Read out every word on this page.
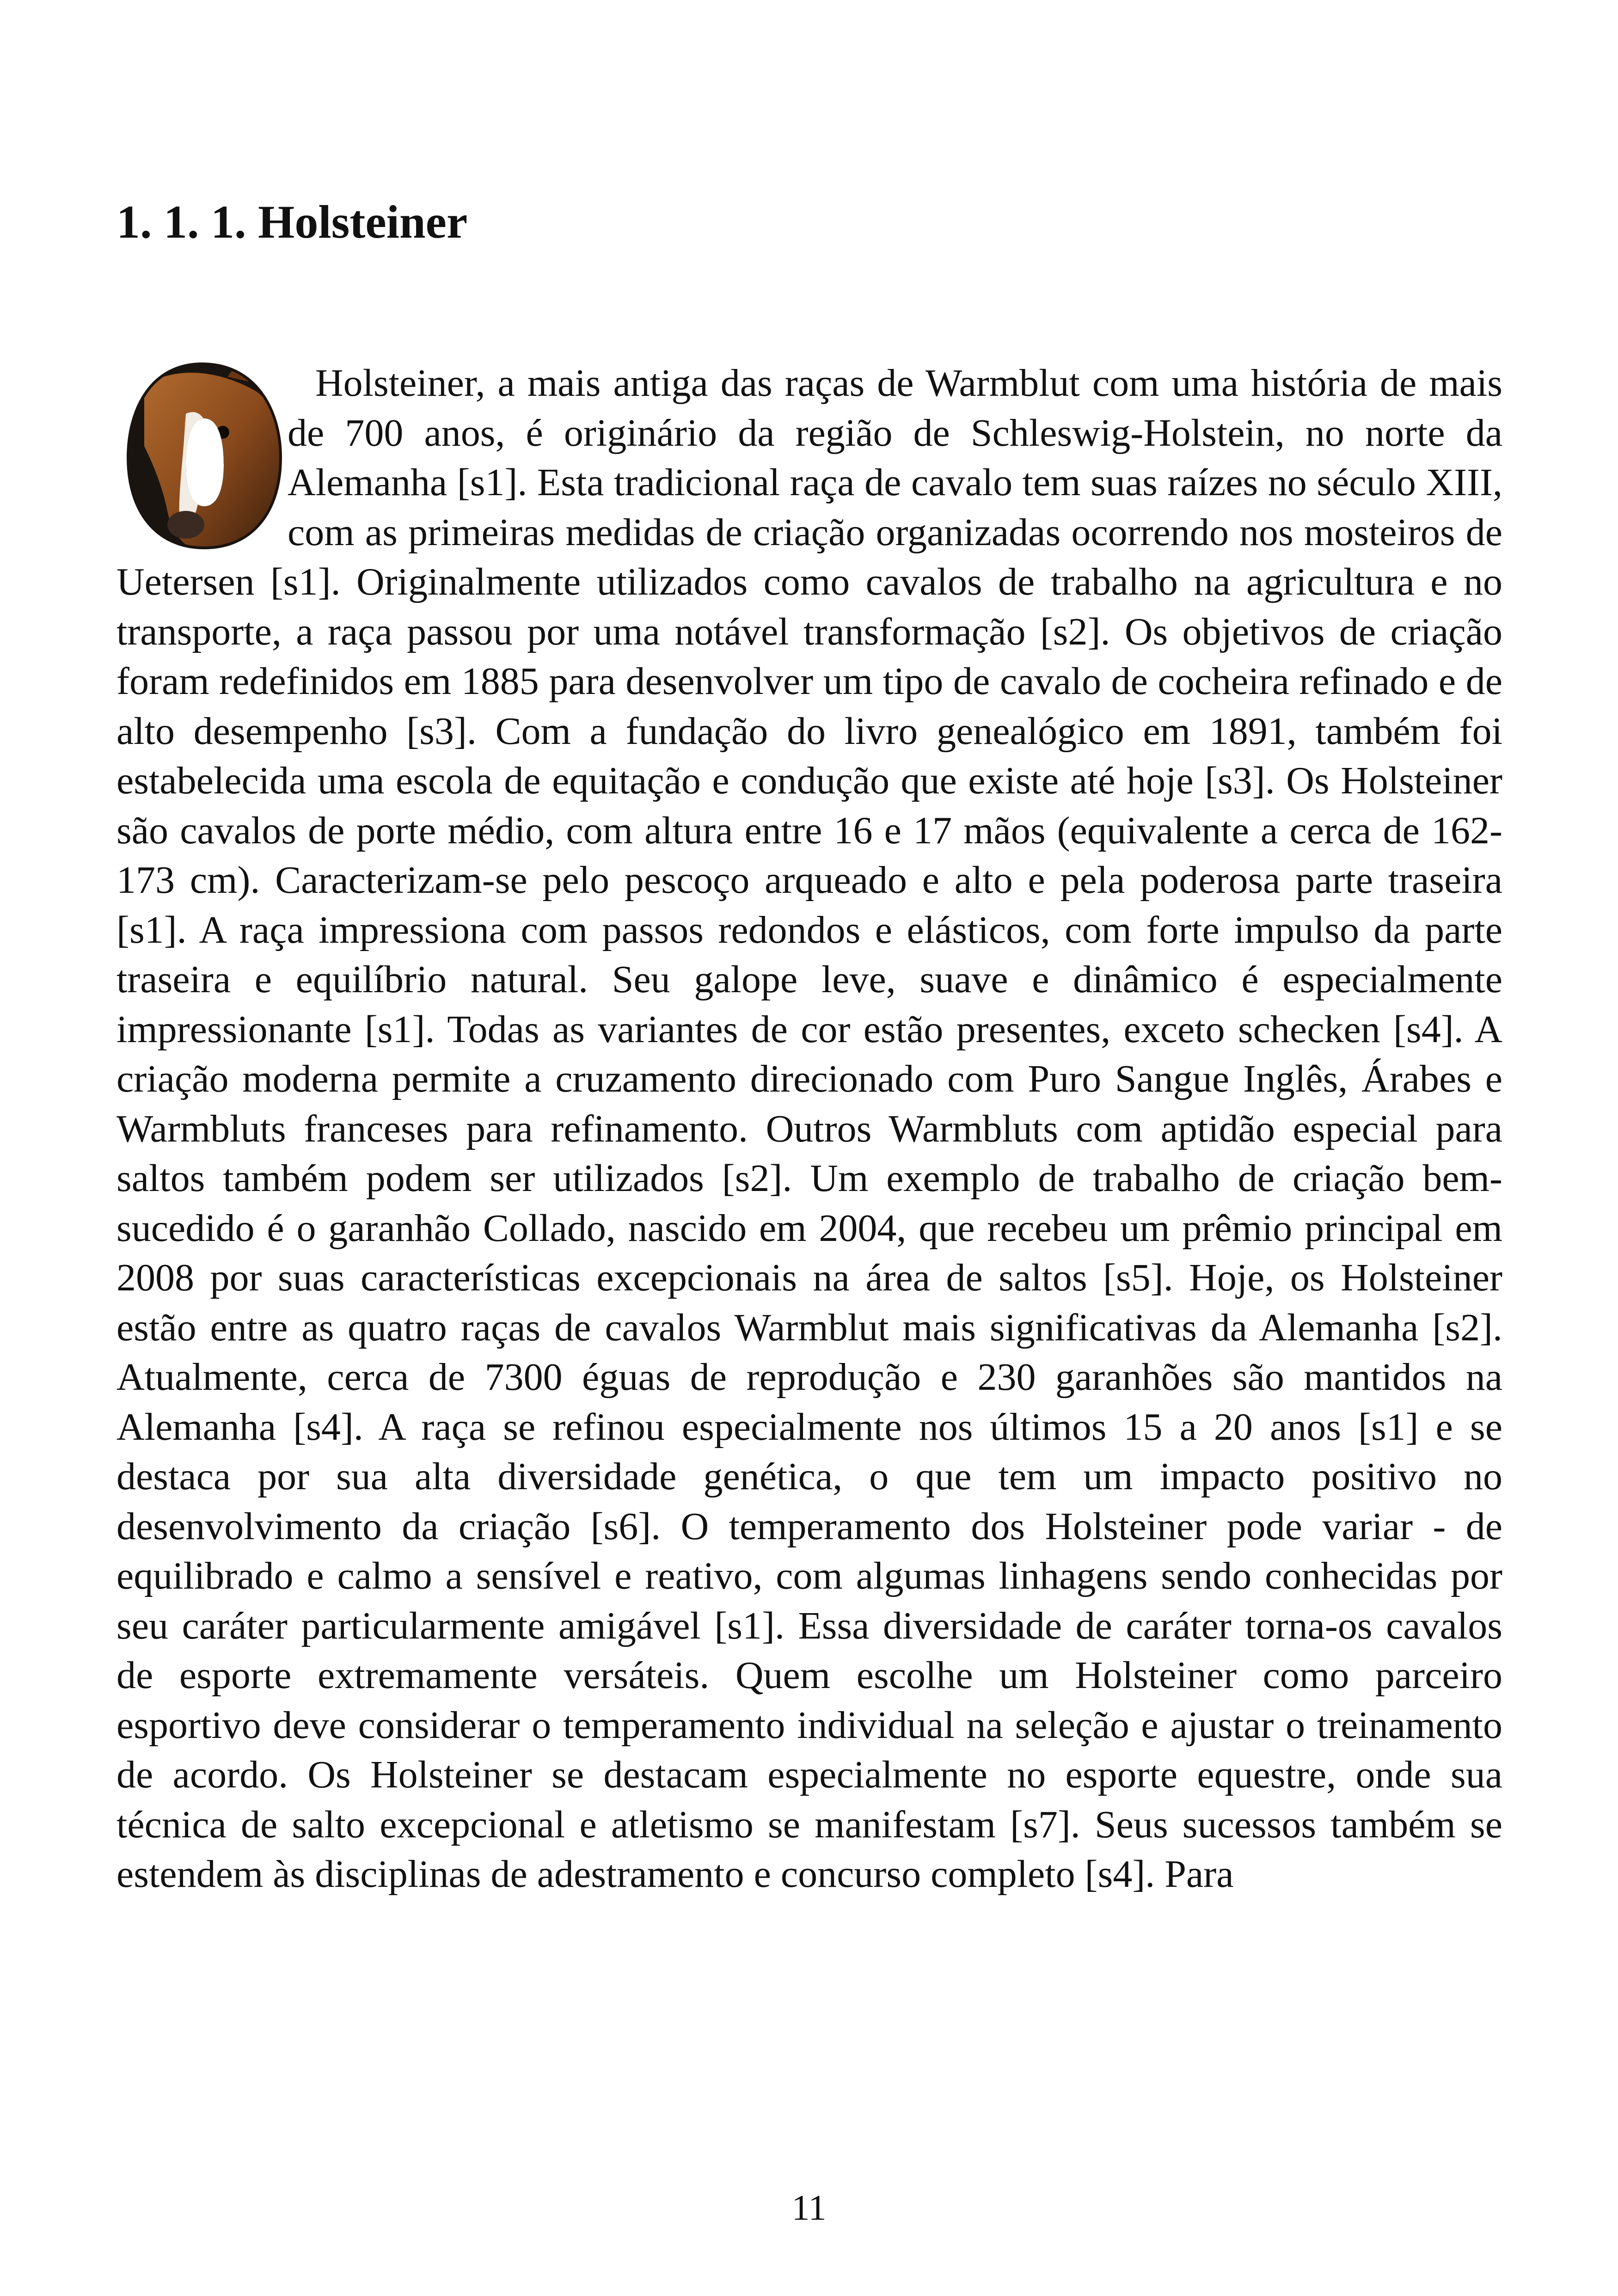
1. 1. 1. Holsteiner

Holsteiner, a mais antiga das raças de Warmblut com uma história de mais de 700 anos, é originário da região de Schleswig-Holstein, no norte da Alemanha [s1]. Esta tradicional raça de cavalo tem suas raízes no século XIII, com as primeiras medidas de criação organizadas ocorrendo nos mosteiros de Uetersen [s1]. Originalmente utilizados como cavalos de trabalho na agricultura e no transporte, a raça passou por uma notável transformação [s2]. Os objetivos de criação foram redefinidos em 1885 para desenvolver um tipo de cavalo de cocheira refinado e de alto desempenho [s3]. Com a fundação do livro genealógico em 1891, também foi estabelecida uma escola de equitação e condução que existe até hoje [s3]. Os Holsteiner são cavalos de porte médio, com altura entre 16 e 17 mãos (equivalente a cerca de 162-173 cm). Caracterizam-se pelo pescoço arqueado e alto e pela poderosa parte traseira [s1]. A raça impressiona com passos redondos e elásticos, com forte impulso da parte traseira e equilíbrio natural. Seu galope leve, suave e dinâmico é especialmente impressionante [s1]. Todas as variantes de cor estão presentes, exceto schecken [s4]. A criação moderna permite a cruzamento direcionado com Puro Sangue Inglês, Árabes e Warmbluts franceses para refinamento. Outros Warmbluts com aptidão especial para saltos também podem ser utilizados [s2]. Um exemplo de trabalho de criação bem-sucedido é o garanhão Collado, nascido em 2004, que recebeu um prêmio principal em 2008 por suas características excepcionais na área de saltos [s5]. Hoje, os Holsteiner estão entre as quatro raças de cavalos Warmblut mais significativas da Alemanha [s2]. Atualmente, cerca de 7300 éguas de reprodução e 230 garanhões são mantidos na Alemanha [s4]. A raça se refinou especialmente nos últimos 15 a 20 anos [s1] e se destaca por sua alta diversidade genética, o que tem um impacto positivo no desenvolvimento da criação [s6]. O temperamento dos Holsteiner pode variar - de equilibrado e calmo a sensível e reativo, com algumas linhagens sendo conhecidas por seu caráter particularmente amigável [s1]. Essa diversidade de caráter torna-os cavalos de esporte extremamente versáteis. Quem escolhe um Holsteiner como parceiro esportivo deve considerar o temperamento individual na seleção e ajustar o treinamento de acordo. Os Holsteiner se destacam especialmente no esporte equestre, onde sua técnica de salto excepcional e atletismo se manifestam [s7]. Seus sucessos também se estendem às disciplinas de adestramento e concurso completo [s4]. Para

11
